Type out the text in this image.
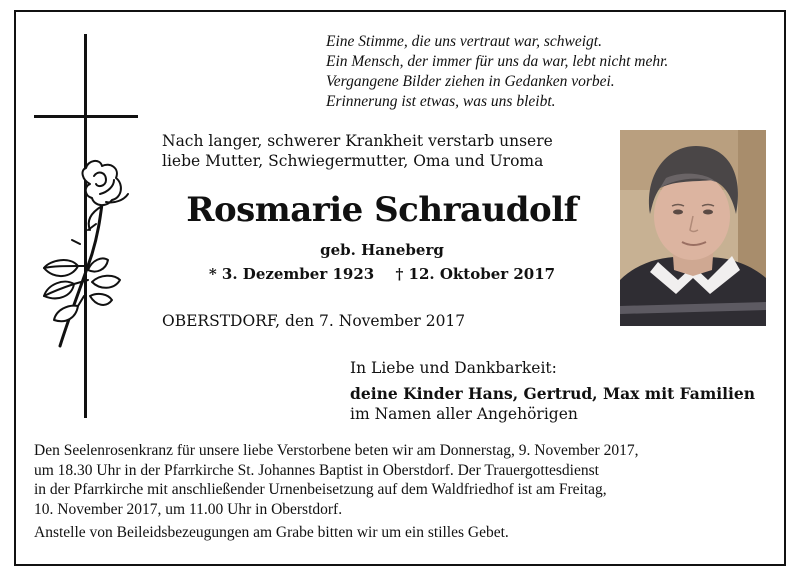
Eine Stimme, die uns vertraut war, schweigt.
Ein Mensch, der immer für uns da war, lebt nicht mehr.
Vergangene Bilder ziehen in Gedanken vorbei.
Erinnerung ist etwas, was uns bleibt.
Nach langer, schwerer Krankheit verstarb unsere
liebe Mutter, Schwiegermutter, Oma und Uroma
Rosmarie Schraudolf
geb. Haneberg
* 3. Dezember 1923 † 12. Oktober 2017
OBERSTDORF, den 7. November 2017
In Liebe und Dankbarkeit:
deine Kinder Hans, Gertrud, Max mit Familien
im Namen aller Angehörigen

Den Seelenrosenkranz für unsere liebe Verstorbene beten wir am Donnerstag, 9. November 2017,

um 18.30 Uhr in der Pfarrkirche St. Johannes Baptist in Oberstdorf. Der Trauergottesdienst

in der Pfarrkirche mit anschließender Urnenbeisetzung auf dem Waldfriedhof ist am Freitag,

10. November 2017, um 11.00 Uhr in Oberstdorf.

Anstelle von Beileidsbezeugungen am Grabe bitten wir um ein stilles Gebet.
